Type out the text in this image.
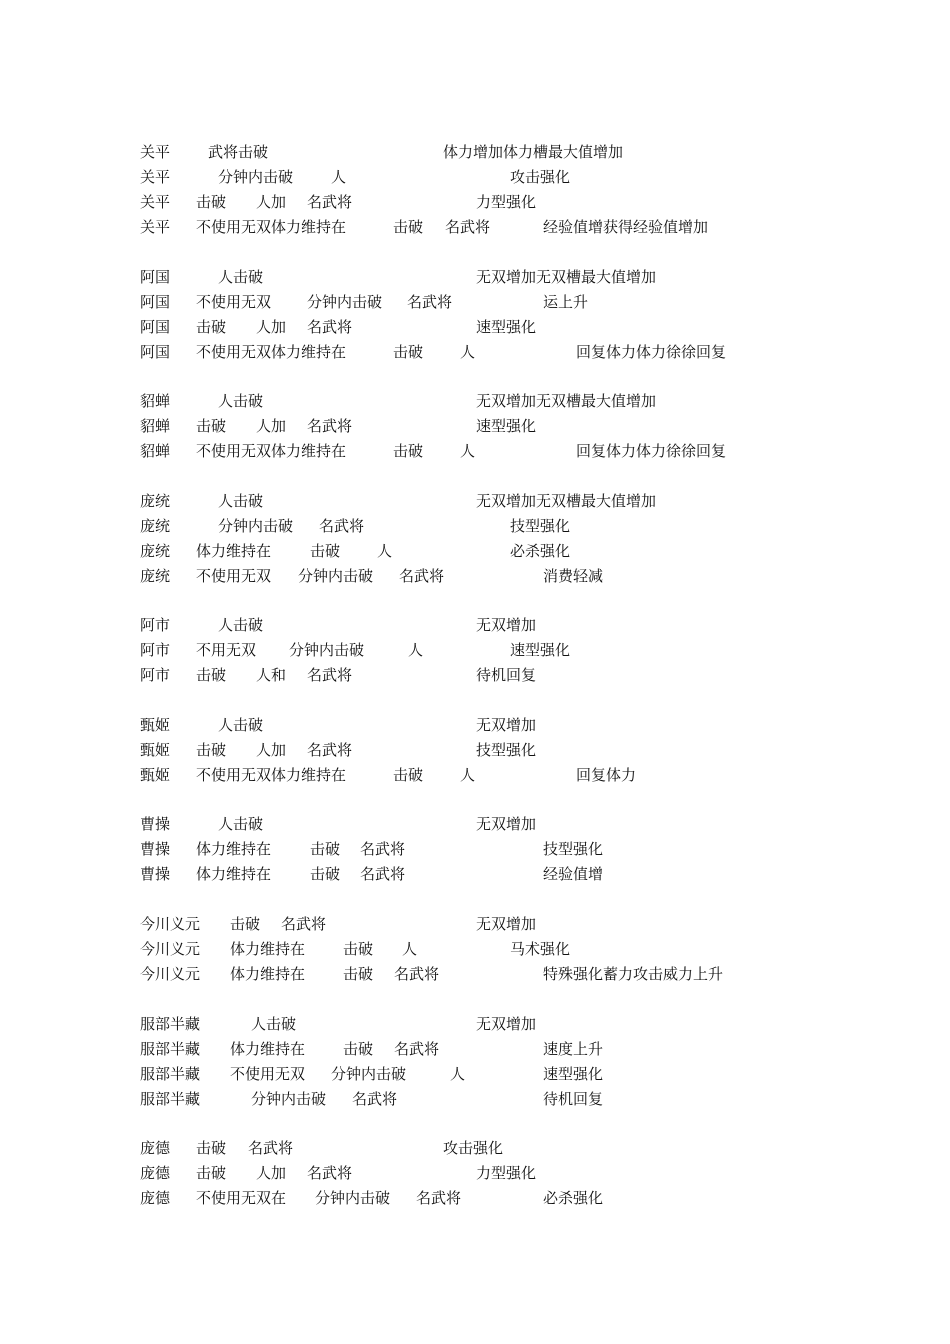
关平	武将击破	体力增加体力槽最大值增加
关平	分钟内击破	人	攻击强化
关平 击破 人加 名武将	力型强化
关平 不使用无双体力维持在	击破 名武将	经验值增获得经验值增加
阿国	人击破	无双增加无双槽最大值增加
阿国 不使用无双 分钟内击破 名武将	运上升
阿国 击破 人加 名武将	速型强化
阿国 不使用无双体力维持在	击破 人	回复体力体力徐徐回复
貂蝉	人击破	无双增加无双槽最大值增加
貂蝉 击破 人加 名武将	速型强化
貂蝉 不使用无双体力维持在	击破 人	回复体力体力徐徐回复
庞统	人击破	无双增加无双槽最大值增加
庞统	分钟内击破 名武将	技型强化
庞统 体力维持在	击破 人	必杀强化
庞统 不使用无双 分钟内击破 名武将	消费轻减
阿市	人击破	无双增加
阿市 不用无双 分钟内击破	人	速型强化
阿市 击破 人和 名武将	待机回复
甄姬	人击破	无双增加
甄姬 击破 人加 名武将	技型强化
甄姬 不使用无双体力维持在	击破 人	回复体力
曹操	人击破	无双增加
曹操 体力维持在	击破 名武将	技型强化
曹操 体力维持在	击破 名武将	经验值增
今川义元 击破 名武将	无双增加
今川义元 体力维持在	击破 人	马术强化
今川义元 体力维持在	击破 名武将	特殊强化蓄力攻击威力上升
服部半藏	人击破	无双增加
服部半藏 体力维持在	击破 名武将	速度上升
服部半藏 不使用无双 分钟内击破	人	速型强化
服部半藏	分钟内击破 名武将	待机回复
庞德 击破 名武将	攻击强化
庞德 击破 人加 名武将	力型强化
庞德 不使用无双在 分钟内击破 名武将	必杀强化
